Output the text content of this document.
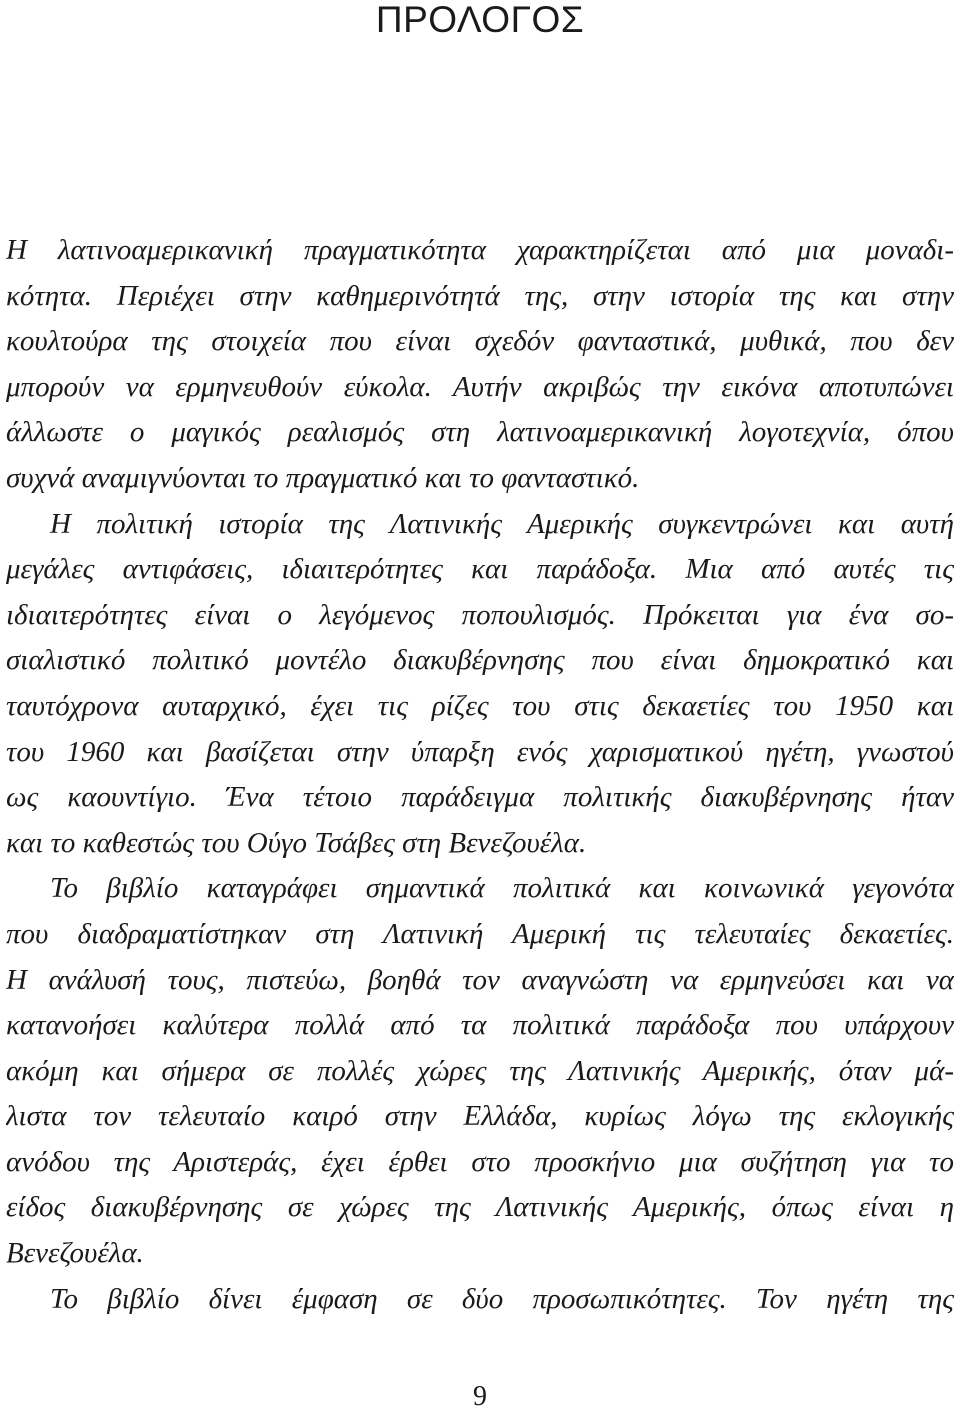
ΠΡΟΛΟΓΟΣ
Η λατινοαμερικανική πραγματικότητα χαρακτηρίζεται από μια μοναδι-
κότητα. Περιέχει στην καθημερινότητά της, στην ιστορία της και στην
κουλτούρα της στοιχεία που είναι σχεδόν φανταστικά, μυθικά, που δεν
μπορούν να ερμηνευθούν εύκολα. Αυτήν ακριβώς την εικόνα αποτυπώνει
άλλωστε ο μαγικός ρεαλισμός στη λατινοαμερικανική λογοτεχνία, όπου
συχνά αναμιγνύονται το πραγματικό και το φανταστικό.
Η πολιτική ιστορία της Λατινικής Αμερικής συγκεντρώνει και αυτή
μεγάλες αντιφάσεις, ιδιαιτερότητες και παράδοξα. Μια από αυτές τις
ιδιαιτερότητες είναι ο λεγόμενος ποπουλισμός. Πρόκειται για ένα σο-
σιαλιστικό πολιτικό μοντέλο διακυβέρνησης που είναι δημοκρατικό και
ταυτόχρονα αυταρχικό, έχει τις ρίζες του στις δεκαετίες του 1950 και
του 1960 και βασίζεται στην ύπαρξη ενός χαρισματικού ηγέτη, γνωστού
ως καουντίγιο. Ένα τέτοιο παράδειγμα πολιτικής διακυβέρνησης ήταν
και το καθεστώς του Ούγο Τσάβες στη Βενεζουέλα.
Το βιβλίο καταγράφει σημαντικά πολιτικά και κοινωνικά γεγονότα
που διαδραματίστηκαν στη Λατινική Αμερική τις τελευταίες δεκαετίες.
Η ανάλυσή τους, πιστεύω, βοηθά τον αναγνώστη να ερμηνεύσει και να
κατανοήσει καλύτερα πολλά από τα πολιτικά παράδοξα που υπάρχουν
ακόμη και σήμερα σε πολλές χώρες της Λατινικής Αμερικής, όταν μά-
λιστα τον τελευταίο καιρό στην Ελλάδα, κυρίως λόγω της εκλογικής
ανόδου της Αριστεράς, έχει έρθει στο προσκήνιο μια συζήτηση για το
είδος διακυβέρνησης σε χώρες της Λατινικής Αμερικής, όπως είναι η
Βενεζουέλα.
Το βιβλίο δίνει έμφαση σε δύο προσωπικότητες. Τον ηγέτη της
9
